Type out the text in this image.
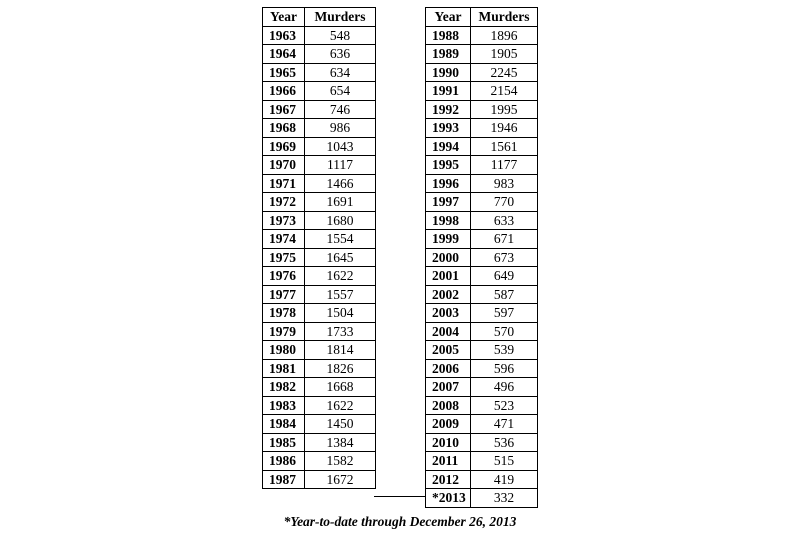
Year	Murders
1963	548
1964	636
1965	634
1966	654
1967	746
1968	986
1969	1043
1970	1117
1971	1466
1972	1691
1973	1680
1974	1554
1975	1645
1976	1622
1977	1557
1978	1504
1979	1733
1980	1814
1981	1826
1982	1668
1983	1622
1984	1450
1985	1384
1986	1582
1987	1672
Year	Murders
1988	1896
1989	1905
1990	2245
1991	2154
1992	1995
1993	1946
1994	1561
1995	1177
1996	983
1997	770
1998	633
1999	671
2000	673
2001	649
2002	587
2003	597
2004	570
2005	539
2006	596
2007	496
2008	523
2009	471
2010	536
2011	515
2012	419
*2013	332
*Year-to-date through December 26, 2013
